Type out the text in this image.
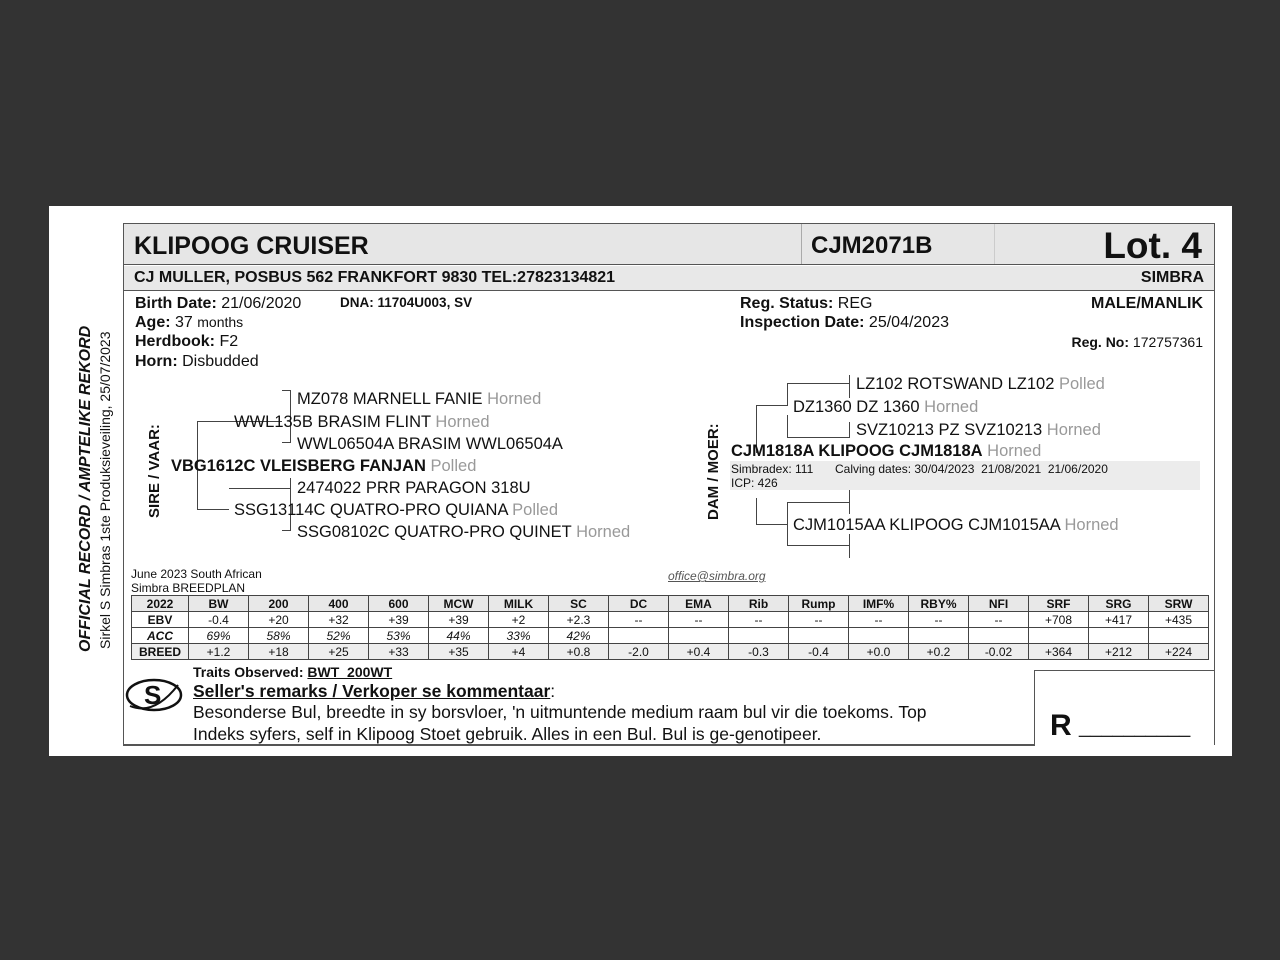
OFFICIAL RECORD / AMPTELIKE REKORD Sirkel S Simbras 1ste Produksieveiling, 25/07/2023
KLIPOOG CRUISER	CJM2071B	Lot. 4
CJ MULLER, POSBUS 562 FRANKFORT 9830 TEL:27823134821	SIMBRA
Birth Date: 21/06/2020	DNA: 11704U003, SV
Age: 37 months
Herdbook: F2
Horn: Disbudded
Reg. Status: REG
Inspection Date: 25/04/2023
MALE/MANLIK
Reg. No: 172757361
SIRE / VAAR:
MZ078 MARNELL FANIE Horned
WWL135B BRASIM FLINT Horned
WWL06504A BRASIM WWL06504A
VBG1612C VLEISBERG FANJAN Polled
2474022 PRR PARAGON 318U
SSG13114C QUATRO-PRO QUIANA Polled
SSG08102C QUATRO-PRO QUINET Horned
DAM / MOER:
LZ102 ROTSWAND LZ102 Polled
DZ1360 DZ 1360 Horned
SVZ10213 PZ SVZ10213 Horned
CJM1818A KLIPOOG CJM1818A Horned
Simbradex: 111 Calving dates: 30/04/2023  21/08/2021  21/06/2020
ICP: 426
CJM1015AA KLIPOOG CJM1015AA Horned
June 2023 South African
Simbra BREEDPLAN
office@simbra.org
2022	BW	200	400	600	MCW	MILK	SC	DC	EMA	Rib	Rump	IMF%	RBY%	NFI	SRF	SRG	SRW
EBV	-0.4	+20	+32	+39	+39	+2	+2.3	--	--	--	--	--	--	--	+708	+417	+435
ACC	69%	58%	52%	53%	44%	33%	42%										
BREED	+1.2	+18	+25	+33	+35	+4	+0.8	-2.0	+0.4	-0.3	-0.4	+0.0	+0.2	-0.02	+364	+212	+224
S
Traits Observed: BWT  200WT
Seller's remarks / Verkoper se kommentaar:
Besonderse Bul, breedte in sy borsvloer, 'n uitmuntende medium raam bul vir die toekoms. Top
Indeks syfers, self in Klipoog Stoet gebruik. Alles in een Bul. Bul is ge-genotipeer.	R __________
